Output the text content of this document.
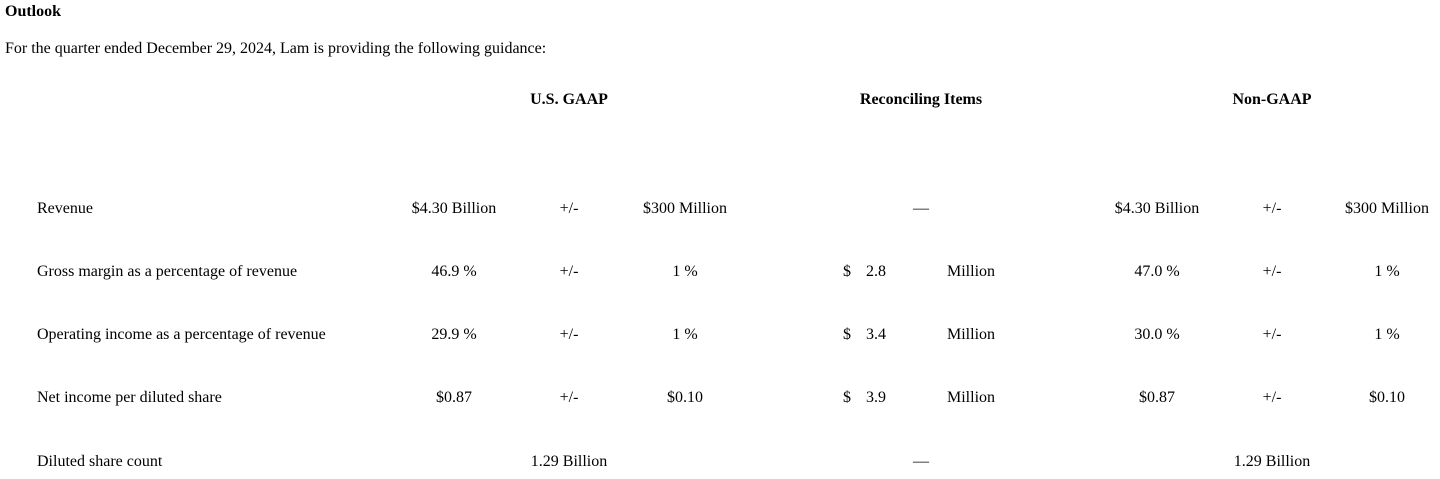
Outlook
For the quarter ended December 29, 2024, Lam is providing the following guidance:
U.S. GAAP	Reconciling Items	Non-GAAP
Revenue	$4.30 Billion	+/-	$300 Million	—	$4.30 Billion	+/-	$300 Million
Gross margin as a percentage of revenue	46.9 %	+/-	1 %	$ 2.8	Million	47.0 %	+/-	1 %
Operating income as a percentage of revenue	29.9 %	+/-	1 %	$ 3.4	Million	30.0 %	+/-	1 %
Net income per diluted share	$0.87	+/-	$0.10	$ 3.9	Million	$0.87	+/-	$0.10
Diluted share count	1.29 Billion	—	1.29 Billion
